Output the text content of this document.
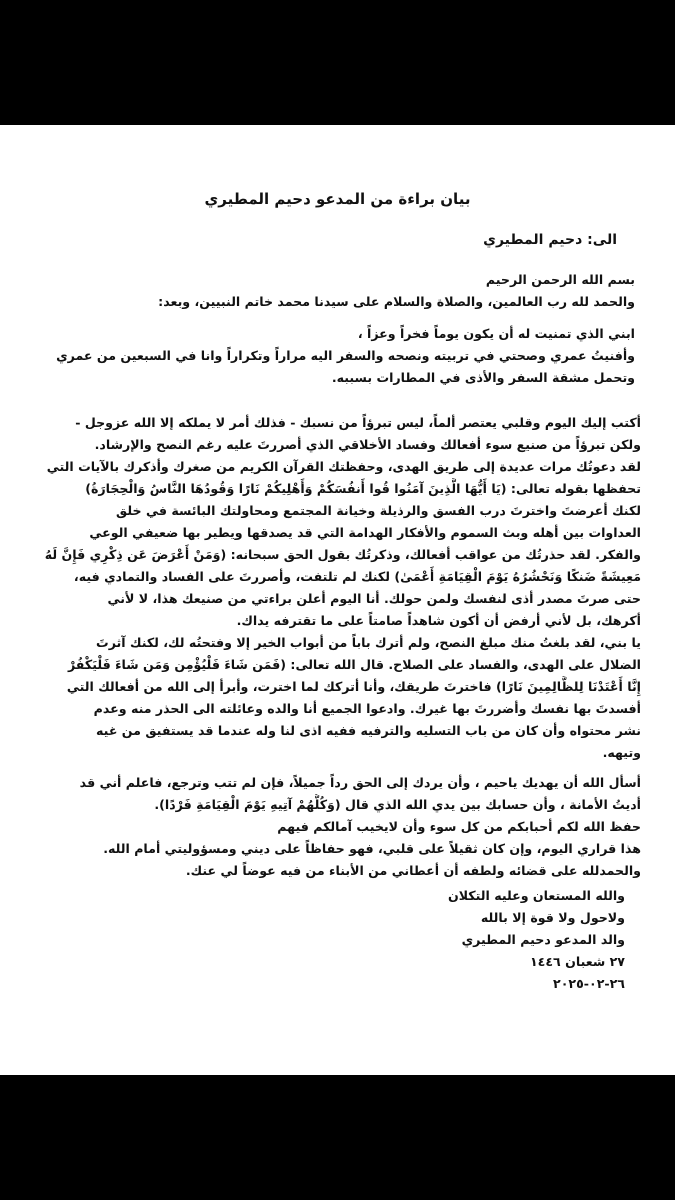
بيان براءة من المدعو دحيم المطيري
الى: دحيم المطيري
بسم الله الرحمن الرحيم
والحمد لله رب العالمين، والصلاة والسلام على سيدنا محمد خاتم النبيين، وبعد:
ابني الذي تمنيت له أن يكون يوماً فخراً وعزاً ،
وأفنيتُ عمري وصحتي في تربيته ونصحه والسفر اليه مراراً وتكراراً وانا في السبعين من عمري
وتحمل مشقة السفر والأذى في المطارات بسببه.
أكتب إليك اليوم وقلبي يعتصر ألماً، ليس تبرؤاً من نسبك - فذلك أمر لا يملكه إلا الله عزوجل -
ولكن تبرؤاً من صنيع سوء أفعالك وفساد الأخلاقي الذي أصررتَ عليه رغم النصح والإرشاد.
لقد دعوتُك مرات عديدة إلى طريق الهدى، وحفظتك القرآن الكريم من صغرك وأذكرك بالآيات التي
تحفظها بقوله تعالى: (يَا أَيُّهَا الَّذِينَ آمَنُوا قُوا أَنفُسَكُمْ وَأَهْلِيكُمْ نَارًا وَقُودُهَا النَّاسُ وَالْحِجَارَةُ)
لكنك أعرضتَ واخترتَ درب الفسق والرذيلة وخيانة المجتمع ومحاولتك البائسة في خلق
العداوات بين أهله وبث السموم والأفكار الهدامة التي قد يصدقها ويطير بها ضعيفي الوعي
والفكر. لقد حذرتُك من عواقب أفعالك، وذكرتُك بقول الحق سبحانه: (وَمَنْ أَعْرَضَ عَن ذِكْرِي فَإِنَّ لَهُ
مَعِيشَةً ضَنكًا وَنَحْشُرُهُ يَوْمَ الْقِيَامَةِ أَعْمَىٰ) لكنك لم تلتفت، وأصررتَ على الفساد والتمادي فيه،
حتى صرتَ مصدر أذى لنفسك ولمن حولك. أنا اليوم أعلن براءتي من صنيعك هذا، لا لأني
أكرهك، بل لأني أرفض أن أكون شاهداً صامتاً على ما تقترفه يداك.
يا بني، لقد بلغتُ منك مبلغ النصح، ولم أترك باباً من أبواب الخير إلا وفتحتُه لك، لكنك آثرتَ
الضلال على الهدى، والفساد على الصلاح. قال الله تعالى: (فَمَن شَاءَ فَلْيُؤْمِن وَمَن شَاءَ فَلْيَكْفُرْ
إِنَّا أَعْتَدْنَا لِلظَّالِمِينَ نَارًا) فاخترتَ طريقك، وأنا أتركك لما اخترت، وأبرأ إلى الله من أفعالك التي
أفسدتَ بها نفسك وأضررتَ بها غيرك. وادعوا الجميع أنا والده وعائلته الى الحذر منه وعدم
نشر محتواه وأن كان من باب التسليه والترفيه ففيه اذى لنا وله عندما قد يستفيق من غيه
وتيهه.
أسأل الله أن يهديك ياحيم ، وأن يردك إلى الحق رداً جميلاً، فإن لم تتب وترجع، فاعلم أني قد
أديتُ الأمانة ، وأن حسابك بين يدي الله الذي قال (وَكُلُّهُمْ آتِيهِ يَوْمَ الْقِيَامَةِ فَرْدًا).
حفظ الله لكم أحبابكم من كل سوء وأن لايخيب آمالكم فيهم
هذا قراري اليوم، وإن كان ثقيلاً على قلبي، فهو حفاظاً على ديني ومسؤوليتي أمام الله.
والحمدلله على قضائه ولطفه أن أعطاني من الأبناء من فيه عوضاً لي عنك.
والله المستعان وعليه التكلان
ولاحول ولا قوة إلا بالله
والد المدعو دحيم المطيري
٢٧ شعبان ١٤٤٦
٢٦-٠٢-٢٠٢٥
